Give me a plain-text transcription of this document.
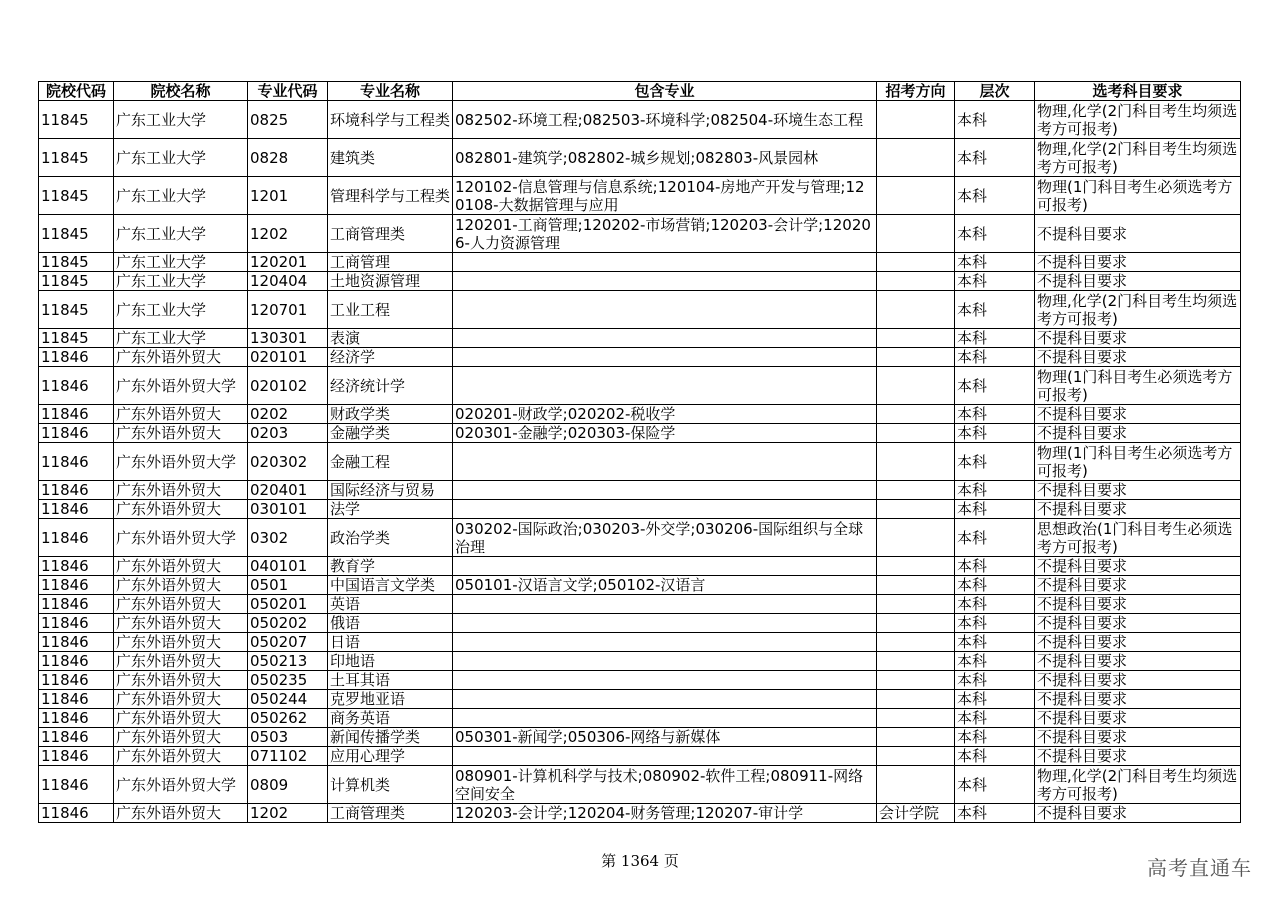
院校代码	院校名称	专业代码	专业名称	包含专业	招考方向	层次	选考科目要求
11845	广东工业大学	0825	环境科学与工程类	082502-环境工程;082503-环境科学;082504-环境生态工程		本科	物理,化学(2门科目考生均须选考方可报考)
11845	广东工业大学	0828	建筑类	082801-建筑学;082802-城乡规划;082803-风景园林		本科	物理,化学(2门科目考生均须选考方可报考)
11845	广东工业大学	1201	管理科学与工程类	120102-信息管理与信息系统;120104-房地产开发与管理;120108-大数据管理与应用		本科	物理(1门科目考生必须选考方可报考)
11845	广东工业大学	1202	工商管理类	120201-工商管理;120202-市场营销;120203-会计学;120206-人力资源管理		本科	不提科目要求
11845	广东工业大学	120201	工商管理			本科	不提科目要求
11845	广东工业大学	120404	土地资源管理			本科	不提科目要求
11845	广东工业大学	120701	工业工程			本科	物理,化学(2门科目考生均须选考方可报考)
11845	广东工业大学	130301	表演			本科	不提科目要求
11846	广东外语外贸大	020101	经济学			本科	不提科目要求
11846	广东外语外贸大学	020102	经济统计学			本科	物理(1门科目考生必须选考方可报考)
11846	广东外语外贸大	0202	财政学类	020201-财政学;020202-税收学		本科	不提科目要求
11846	广东外语外贸大	0203	金融学类	020301-金融学;020303-保险学		本科	不提科目要求
11846	广东外语外贸大学	020302	金融工程			本科	物理(1门科目考生必须选考方可报考)
11846	广东外语外贸大	020401	国际经济与贸易			本科	不提科目要求
11846	广东外语外贸大	030101	法学			本科	不提科目要求
11846	广东外语外贸大学	0302	政治学类	030202-国际政治;030203-外交学;030206-国际组织与全球治理		本科	思想政治(1门科目考生必须选考方可报考)
11846	广东外语外贸大	040101	教育学			本科	不提科目要求
11846	广东外语外贸大	0501	中国语言文学类	050101-汉语言文学;050102-汉语言		本科	不提科目要求
11846	广东外语外贸大	050201	英语			本科	不提科目要求
11846	广东外语外贸大	050202	俄语			本科	不提科目要求
11846	广东外语外贸大	050207	日语			本科	不提科目要求
11846	广东外语外贸大	050213	印地语			本科	不提科目要求
11846	广东外语外贸大	050235	土耳其语			本科	不提科目要求
11846	广东外语外贸大	050244	克罗地亚语			本科	不提科目要求
11846	广东外语外贸大	050262	商务英语			本科	不提科目要求
11846	广东外语外贸大	0503	新闻传播学类	050301-新闻学;050306-网络与新媒体		本科	不提科目要求
11846	广东外语外贸大	071102	应用心理学			本科	不提科目要求
11846	广东外语外贸大学	0809	计算机类	080901-计算机科学与技术;080902-软件工程;080911-网络空间安全		本科	物理,化学(2门科目考生均须选考方可报考)
11846	广东外语外贸大	1202	工商管理类	120203-会计学;120204-财务管理;120207-审计学	会计学院	本科	不提科目要求
第 1364 页	高考直通车
